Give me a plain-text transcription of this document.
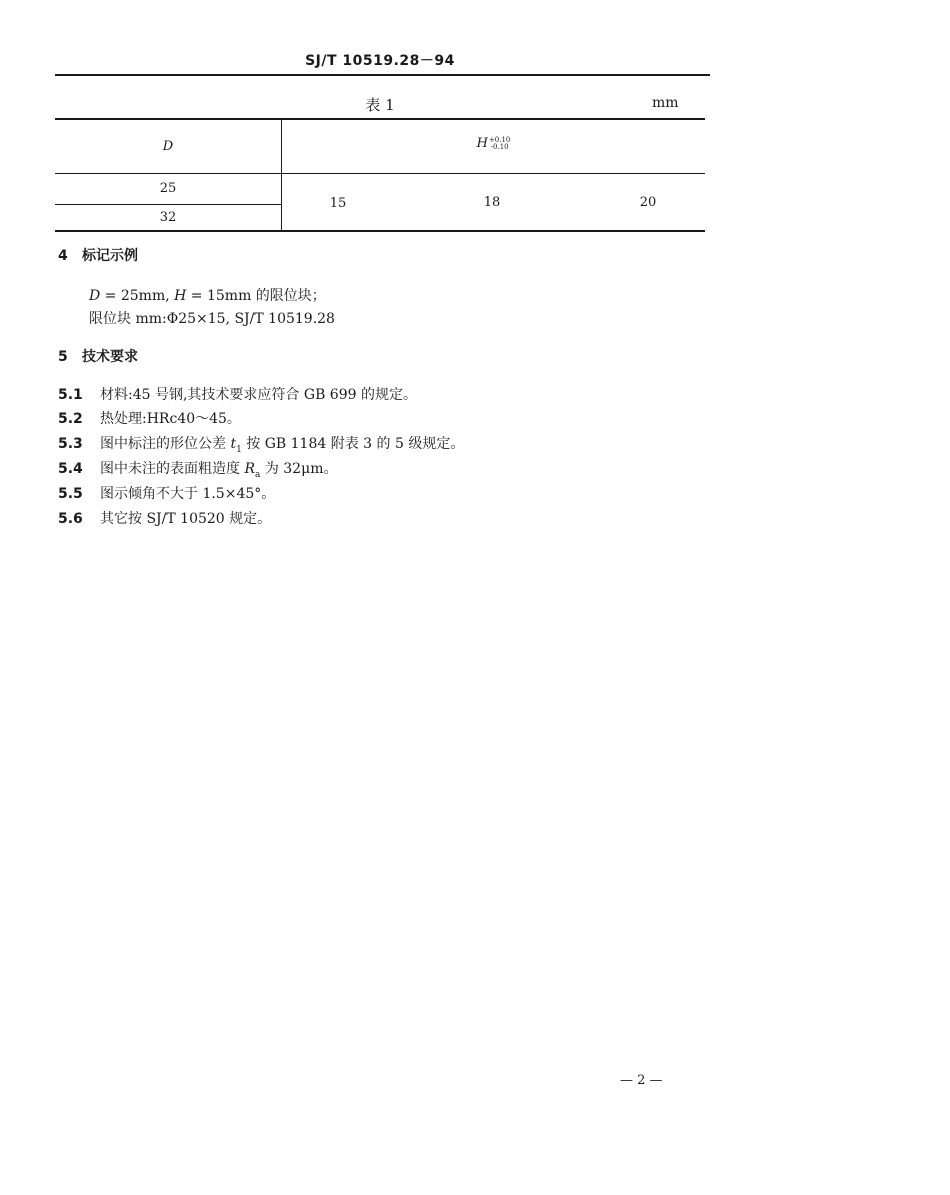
SJ/T 10519.28－94
表 1	mm
D	H+0.10
-0.10
25
32
15	18	20
4 标记示例
D = 25mm, H = 15mm 的限位块；
限位块 mm:Φ25×15, SJ/T 10519.28
5 技术要求
5.1 材料:45 号钢,其技术要求应符合 GB 699 的规定。
5.2 热处理:HRc40～45。
5.3 图中标注的形位公差 $t_1$ 按 GB 1184 附表 3 的 5 级规定。
5.4 图中未注的表面粗造度 $R_a$ 为 32μm。
5.5 图示倾角不大于 1.5×45°。
5.6 其它按 SJ/T 10520 规定。
— 2 —
